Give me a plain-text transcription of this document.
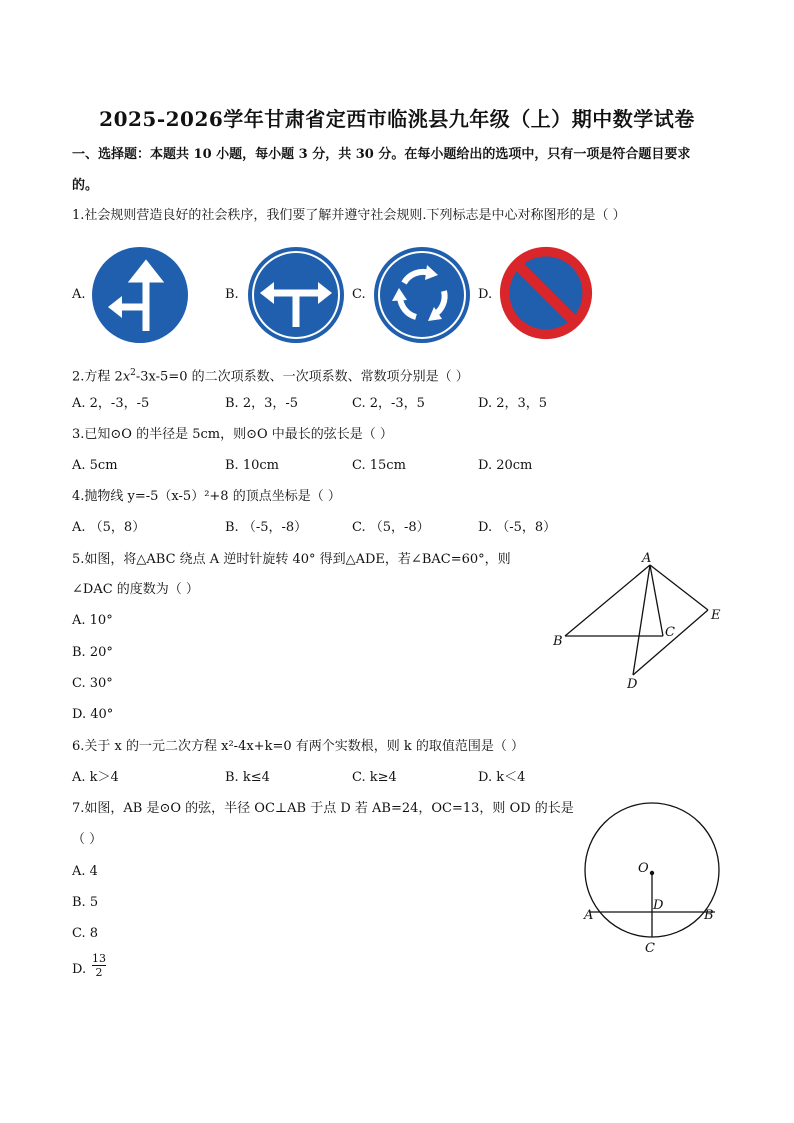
2025-2026学年甘肃省定西市临洮县九年级（上）期中数学试卷
一、选择题：本题共 10 小题，每小题 3 分，共 30 分。在每小题给出的选项中，只有一项是符合题目要求
的。
1.社会规则营造良好的社会秩序，我们要了解并遵守社会规则.下列标志是中心对称图形的是（ ）
A.	B.	C.	D.
2.方程 $2x^2-3x-5=0$ 的二次项系数、一次项系数、常数项分别是（ ）
A. 2，-3，-5	B. 2，3，-5	C. 2，-3，5	D. 2，3，5
3.已知⊙O 的半径是 5cm，则⊙O 中最长的弦长是（ ）
A. 5cm	B. 10cm	C. 15cm	D. 20cm
4.抛物线 y=-5（x-5）²+8 的顶点坐标是（ ）
A. （5，8）	B. （-5，-8）	C. （5，-8）	D. （-5，8）
5.如图，将△ABC 绕点 A 逆时针旋转 40° 得到△ADE，若∠BAC=60°，则
∠DAC 的度数为（ ）
A. 10°
B. 20°
C. 30°
D. 40°
A
B
C
D
E
6.关于 x 的一元二次方程 x²-4x+k=0 有两个实数根，则 k 的取值范围是（ ）
A. k＞4	B. k≤4	C. k≥4	D. k＜4
7.如图，AB 是⊙O 的弦，半径 OC⊥AB 于点 D 若 AB=24，OC=13，则 OD 的长是
（ ）
A. 4
B. 5
C. 8
D. $\frac{13}{2}$
O
A	B
D
C
